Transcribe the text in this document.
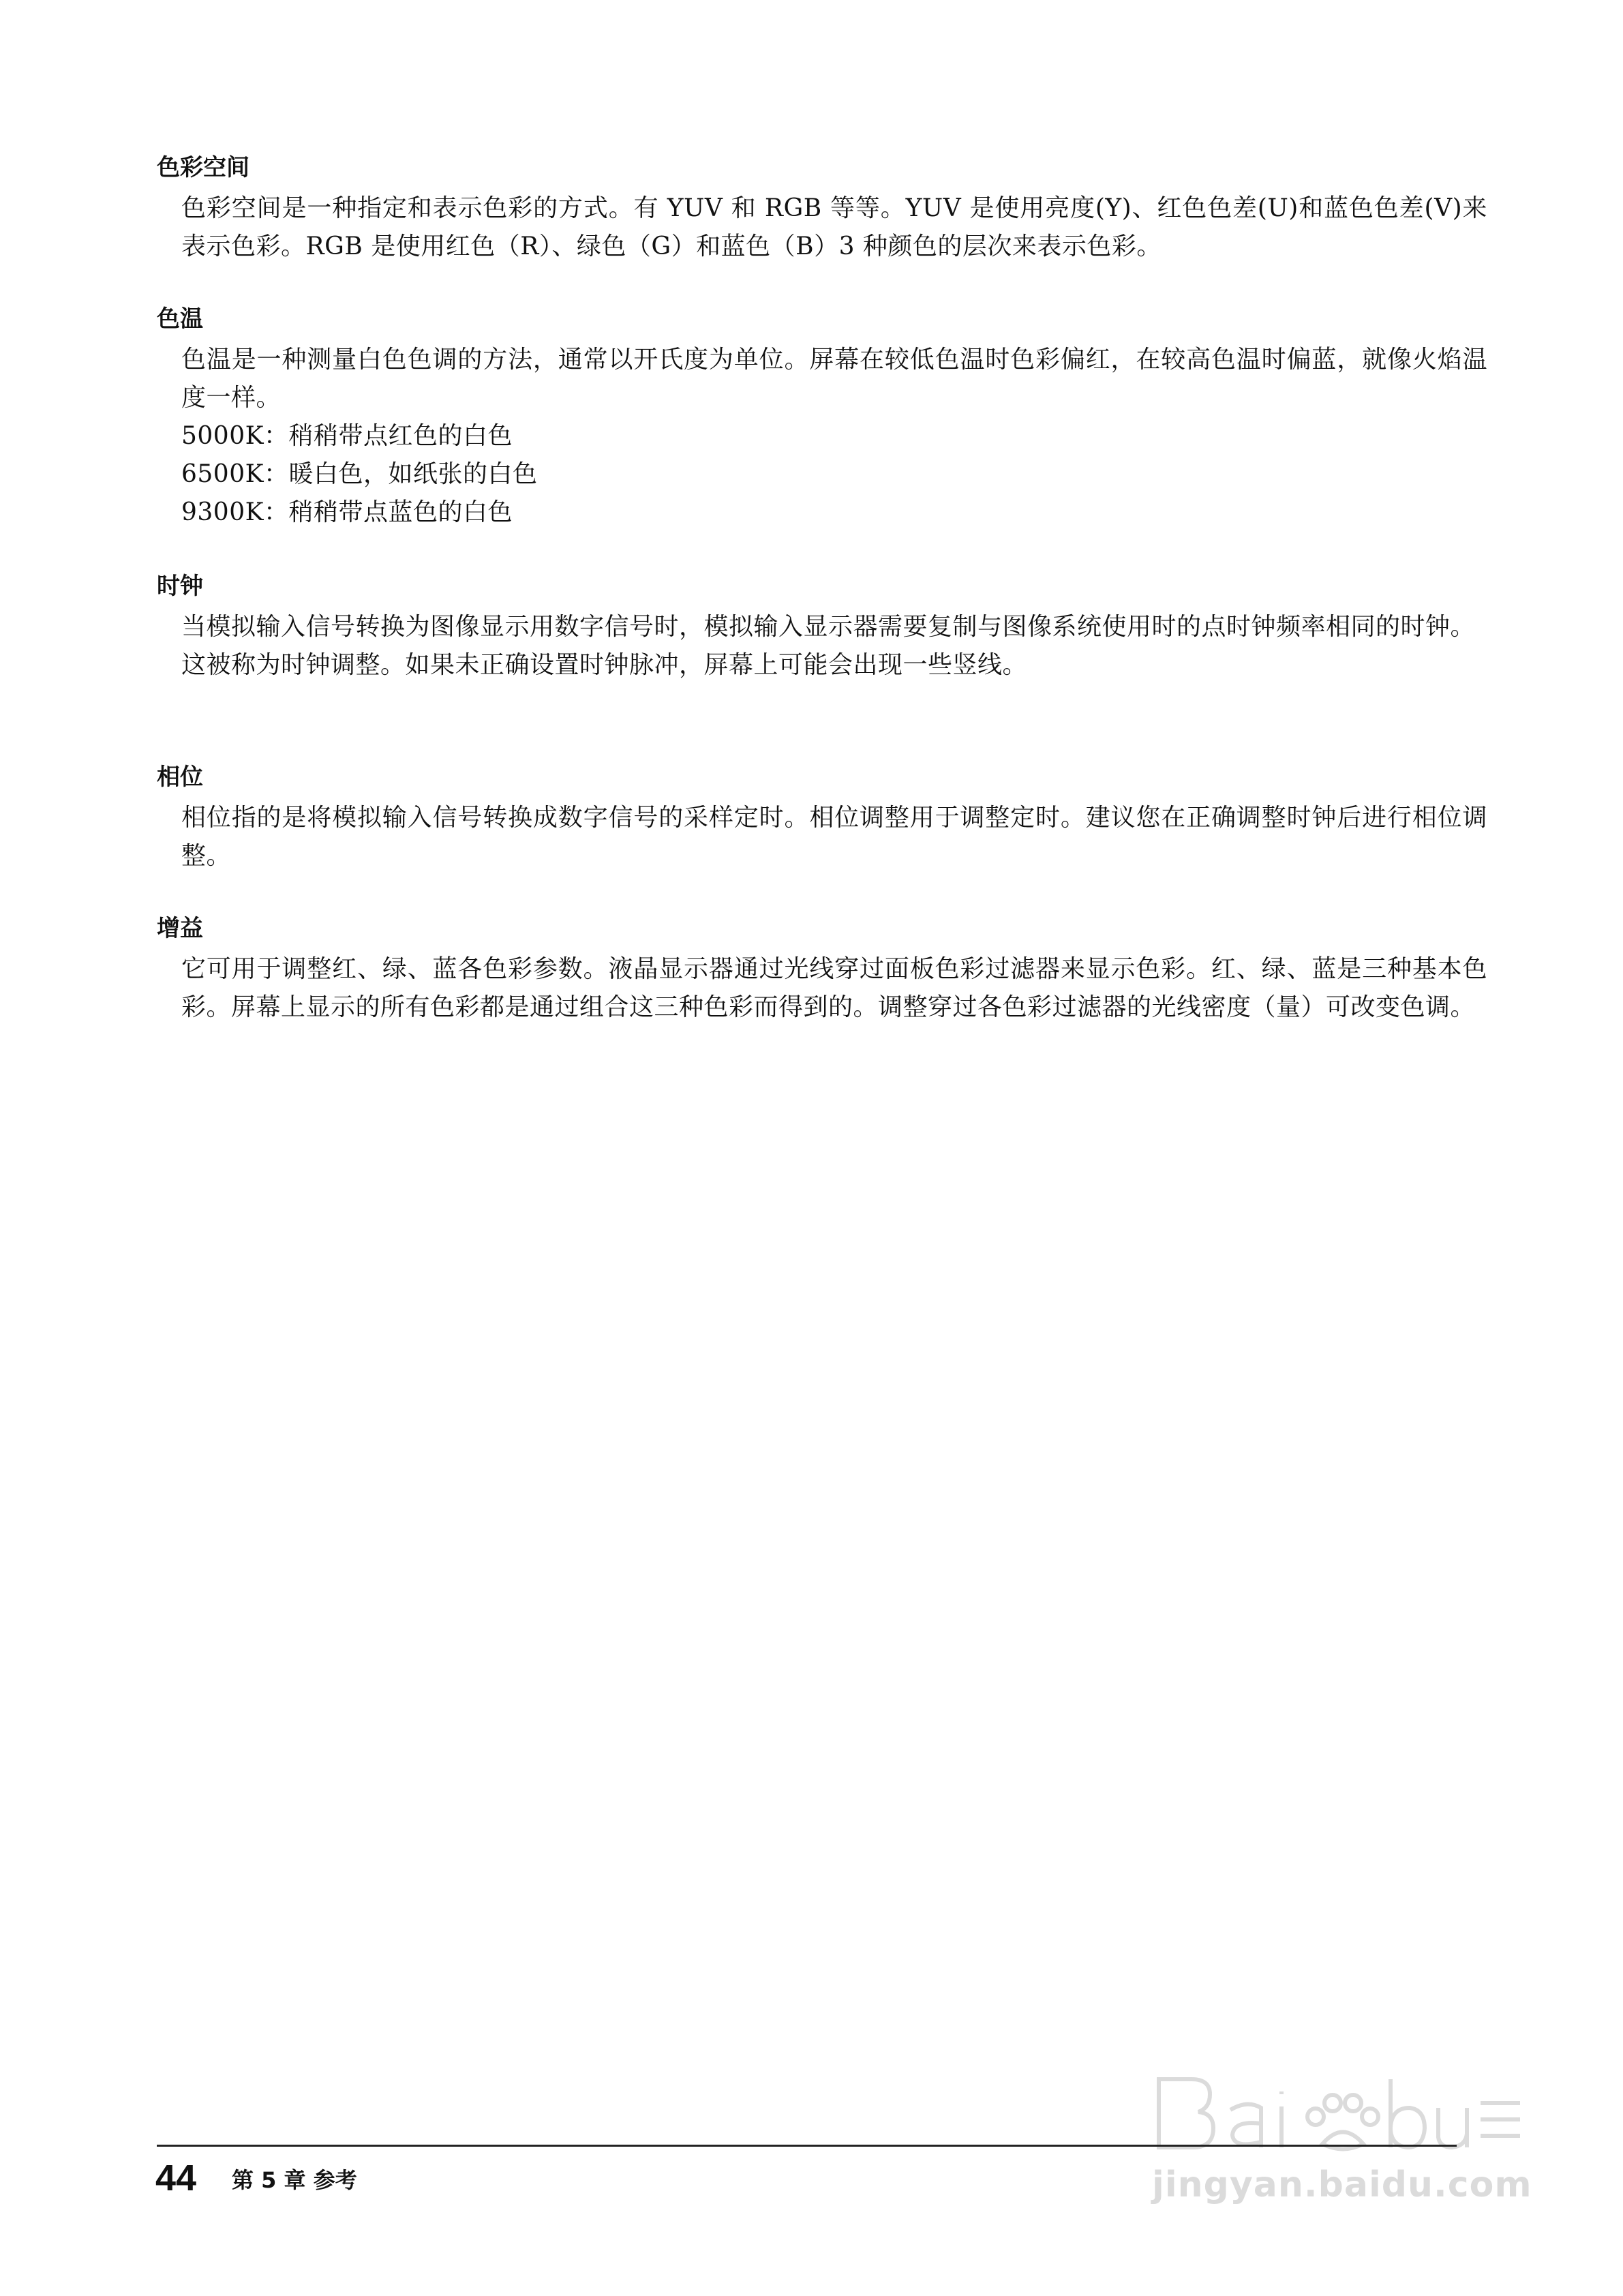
色彩空间

色彩空间是一种指定和表示色彩的方式。有 YUV 和 RGB 等等。YUV 是使用亮度(Y)、红色色差(U)和蓝色色差(V)来表示色彩。RGB 是使用红色（R）、绿色（G）和蓝色（B）3 种颜色的层次来表示色彩。

色温

色温是一种测量白色色调的方法，通常以开氏度为单位。屏幕在较低色温时色彩偏红，在较高色温时偏蓝，就像火焰温度一样。

5000K：稍稍带点红色的白色

6500K：暖白色，如纸张的白色

9300K：稍稍带点蓝色的白色

时钟

当模拟输入信号转换为图像显示用数字信号时，模拟输入显示器需要复制与图像系统使用时的点时钟频率相同的时钟。

这被称为时钟调整。如果未正确设置时钟脉冲，屏幕上可能会出现一些竖线。

相位

相位指的是将模拟输入信号转换成数字信号的采样定时。相位调整用于调整定时。建议您在正确调整时钟后进行相位调整。

增益

它可用于调整红、绿、蓝各色彩参数。液晶显示器通过光线穿过面板色彩过滤器来显示色彩。红、绿、蓝是三种基本色彩。屏幕上显示的所有色彩都是通过组合这三种色彩而得到的。调整穿过各色彩过滤器的光线密度（量）可改变色调。

jingyan.baidu.com
44 第 5 章 参考
